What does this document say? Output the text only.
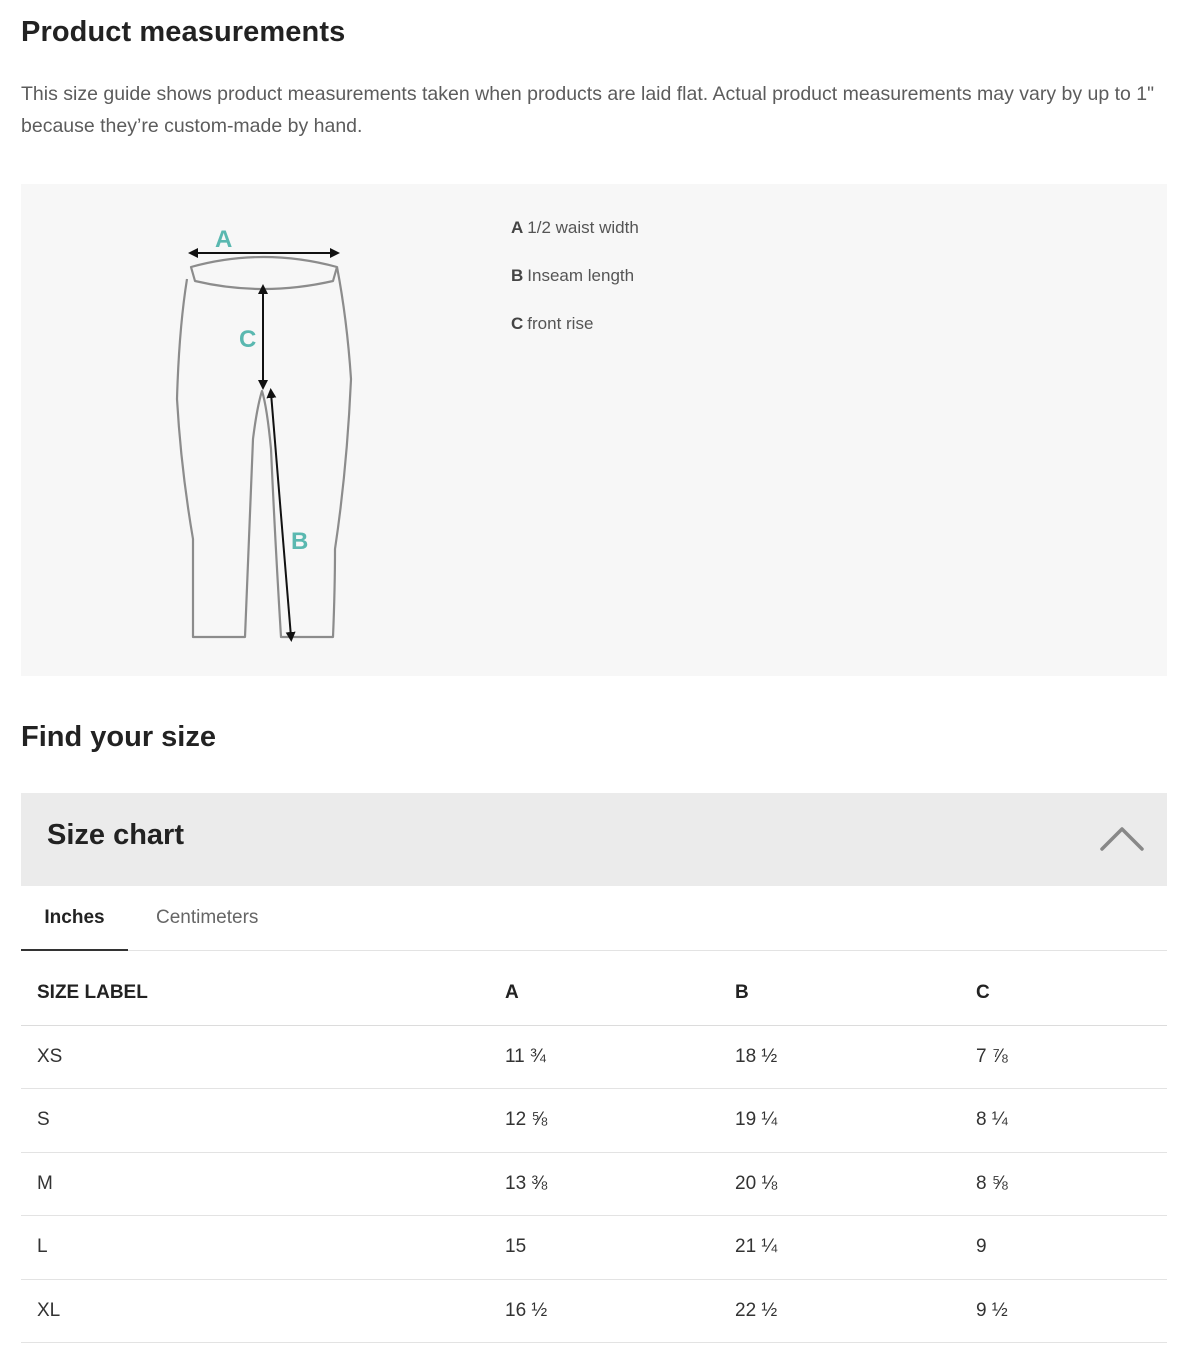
Product measurements

This size guide shows product measurements taken when products are laid flat. Actual product measurements may vary by up to 1" because they’re custom-made by hand.

A
C
B
A 1/2 waist width
B Inseam length
C front rise
Find your size
Size chart
Inches	Centimeters
SIZE LABEL	A	B	C
XS	11 ¾	18 ½	7 ⅞
S	12 ⅝	19 ¼	8 ¼
M	13 ⅜	20 ⅛	8 ⅝
L	15	21 ¼	9
XL	16 ½	22 ½	9 ½
